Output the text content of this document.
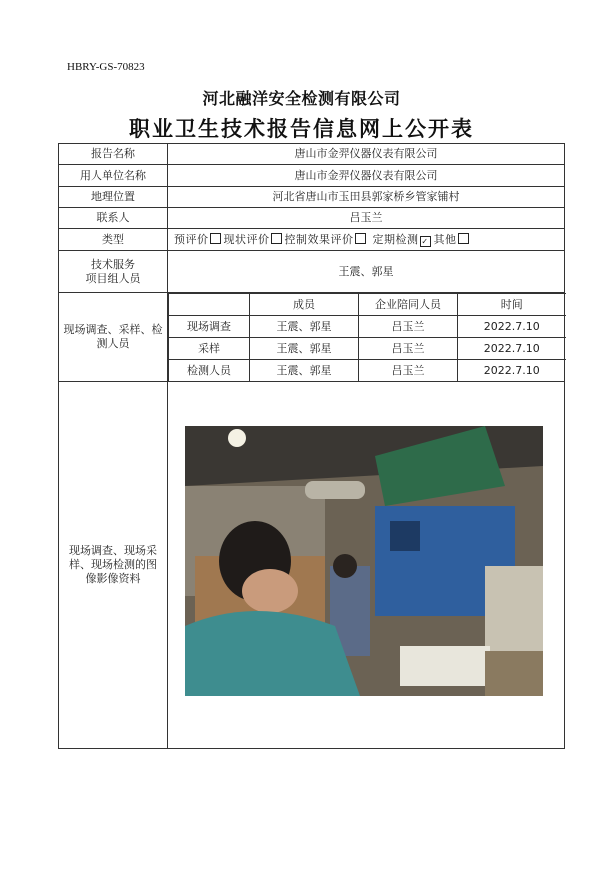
HBRY-GS-70823
河北融洋安全检测有限公司
职业卫生技术报告信息网上公开表
报告名称	唐山市金羿仪器仪表有限公司
用人单位名称	唐山市金羿仪器仪表有限公司
地理位置	河北省唐山市玉田县郭家桥乡管家铺村
联系人	吕玉兰
类型	预评价 现状评价 控制效果评价 定期检测 ✓ 其他
技术服务
项目组人员	王震、郭星
现场调查、采样、检测人员	
	成员	企业陪同人员	时间
现场调查	王震、郭星	吕玉兰	2022.7.10
采样	王震、郭星	吕玉兰	2022.7.10
检测人员	王震、郭星	吕玉兰	2022.7.10

现场调查、现场采样、现场检测的图像影像资料	
